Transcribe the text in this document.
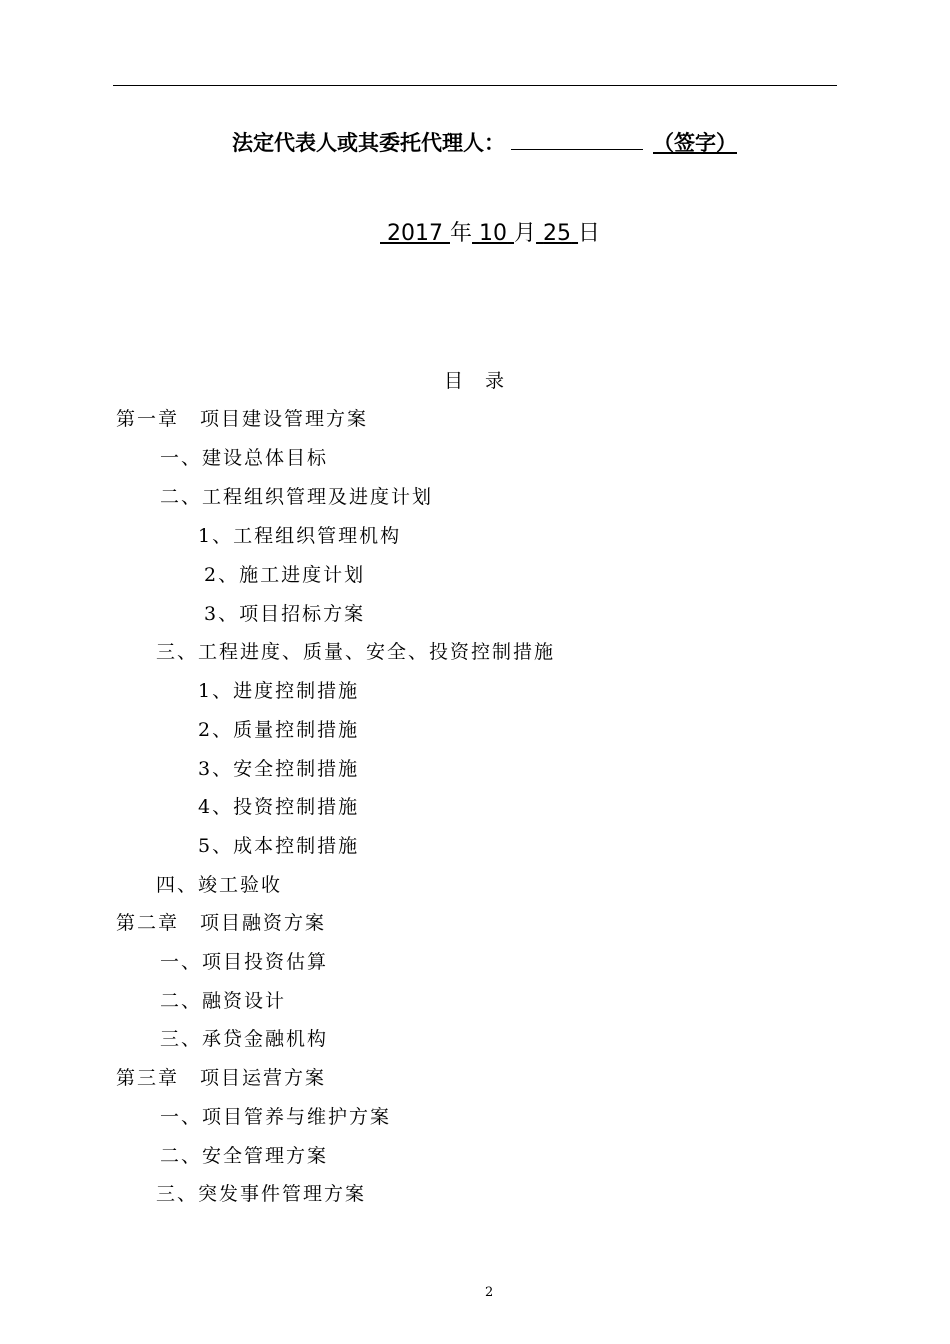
法定代表人或其委托代理人：	（签字）
2017 年 10 月 25 日
目录
第一章　项目建设管理方案
一、建设总体目标
二、工程组织管理及进度计划
1、工程组织管理机构
2、施工进度计划
3、项目招标方案
三、工程进度、质量、安全、投资控制措施
1、进度控制措施
2、质量控制措施
3、安全控制措施
4、投资控制措施
5、成本控制措施
四、竣工验收
第二章　项目融资方案
一、项目投资估算
二、融资设计
三、承贷金融机构
第三章　项目运营方案
一、项目管养与维护方案
二、安全管理方案
三、突发事件管理方案
2
